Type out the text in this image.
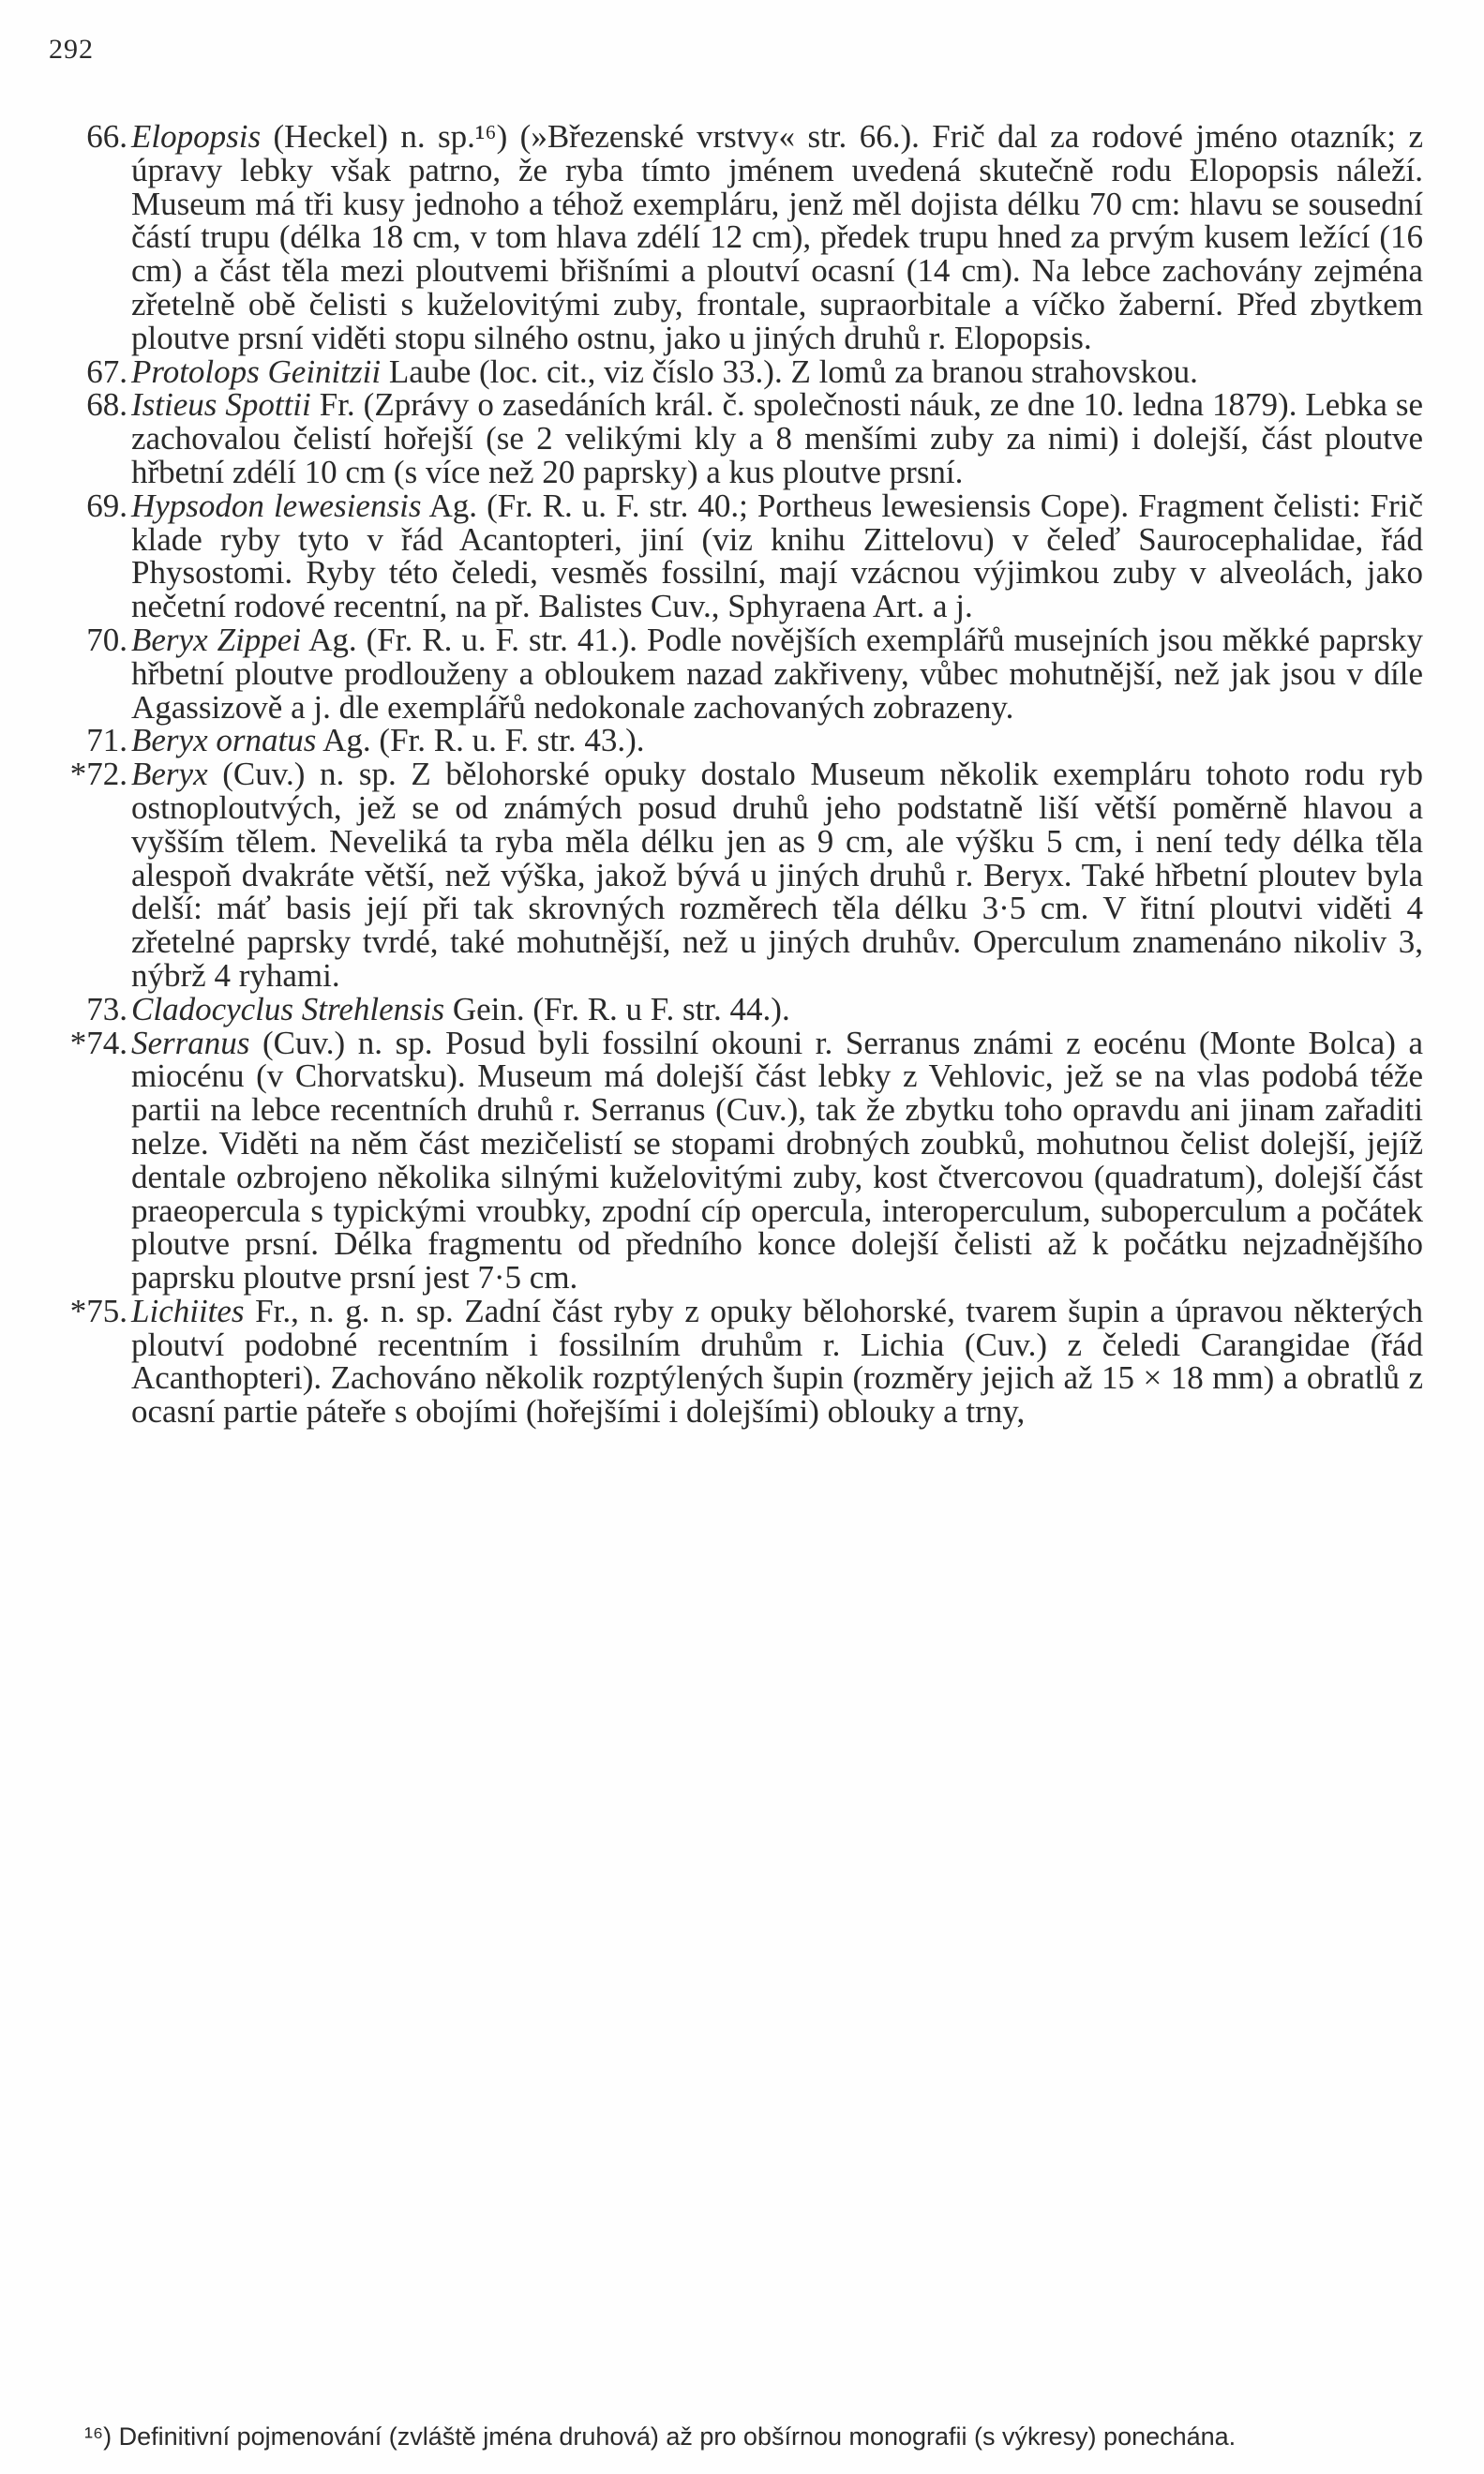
292

66. Elopopsis (Heckel) n. sp.¹⁶) (»Březenské vrstvy« str. 66.). Frič dal za rodové jméno otazník; z úpravy lebky však patrno, že ryba tímto jménem uvedená skutečně rodu Elopopsis náleží. Museum má tři kusy jednoho a téhož exempláru, jenž měl dojista délku 70 cm: hlavu se sousední částí trupu (délka 18 cm, v tom hlava zdélí 12 cm), předek trupu hned za prvým kusem ležící (16 cm) a část těla mezi ploutvemi břišními a ploutví ocasní (14 cm). Na lebce zachovány zejména zřetelně obě čelisti s kuželovitými zuby, frontale, supraorbitale a víčko žaberní. Před zbytkem ploutve prsní viděti stopu silného ostnu, jako u jiných druhů r. Elopopsis.

67. Protolops Geinitzii Laube (loc. cit., viz číslo 33.). Z lomů za branou strahovskou.

68. Istieus Spottii Fr. (Zprávy o zasedáních král. č. společnosti náuk, ze dne 10. ledna 1879). Lebka se zachovalou čelistí hořejší (se 2 velikými kly a 8 menšími zuby za nimi) i dolejší, část ploutve hřbetní zdélí 10 cm (s více než 20 paprsky) a kus ploutve prsní.

69. Hypsodon lewesiensis Ag. (Fr. R. u. F. str. 40.; Portheus lewesiensis Cope). Fragment čelisti: Frič klade ryby tyto v řád Acantopteri, jiní (viz knihu Zittelovu) v čeleď Saurocephalidae, řád Physostomi. Ryby této čeledi, vesměs fossilní, mají vzácnou výjimkou zuby v alveolách, jako nečetní rodové recentní, na př. Balistes Cuv., Sphyraena Art. a j.

70. Beryx Zippei Ag. (Fr. R. u. F. str. 41.). Podle novějších exemplářů musejních jsou měkké paprsky hřbetní ploutve prodlouženy a obloukem nazad zakřiveny, vůbec mohutnější, než jak jsou v díle Agassizově a j. dle exemplářů nedokonale zachovaných zobrazeny.

71. Beryx ornatus Ag. (Fr. R. u. F. str. 43.).

*72. Beryx (Cuv.) n. sp. Z bělohorské opuky dostalo Museum několik exempláru tohoto rodu ryb ostnoploutvých, jež se od známých posud druhů jeho podstatně liší větší poměrně hlavou a vyšším tělem. Neveliká ta ryba měla délku jen as 9 cm, ale výšku 5 cm, i není tedy délka těla alespoň dvakráte větší, než výška, jakož bývá u jiných druhů r. Beryx. Také hřbetní ploutev byla delší: máť basis její při tak skrovných rozměrech těla délku 3·5 cm. V řitní ploutvi viděti 4 zřetelné paprsky tvrdé, také mohutnější, než u jiných druhův. Operculum znamenáno nikoliv 3, nýbrž 4 ryhami.

73. Cladocyclus Strehlensis Gein. (Fr. R. u F. str. 44.).

*74. Serranus (Cuv.) n. sp. Posud byli fossilní okouni r. Serranus známi z eocénu (Monte Bolca) a miocénu (v Chorvatsku). Museum má dolejší část lebky z Vehlovic, jež se na vlas podobá téže partii na lebce recentních druhů r. Serranus (Cuv.), tak že zbytku toho opravdu ani jinam zařaditi nelze. Viděti na něm část mezičelistí se stopami drobných zoubků, mohutnou čelist dolejší, jejíž dentale ozbrojeno několika silnými kuželovitými zuby, kost čtvercovou (quadratum), dolejší část praeopercula s typickými vroubky, zpodní cíp opercula, interoperculum, suboperculum a počátek ploutve prsní. Délka fragmentu od předního konce dolejší čelisti až k počátku nejzadnějšího paprsku ploutve prsní jest 7·5 cm.

*75. Lichiites Fr., n. g. n. sp. Zadní část ryby z opuky bělohorské, tvarem šupin a úpravou některých ploutví podobné recentním i fossilním druhům r. Lichia (Cuv.) z čeledi Carangidae (řád Acanthopteri). Zachováno několik rozptýlených šupin (rozměry jejich až 15 × 18 mm) a obratlů z ocasní partie páteře s obojími (hořejšími i dolejšími) oblouky a trny,

¹⁶) Definitivní pojmenování (zvláště jména druhová) až pro obšírnou monografii (s výkresy) ponechána.
